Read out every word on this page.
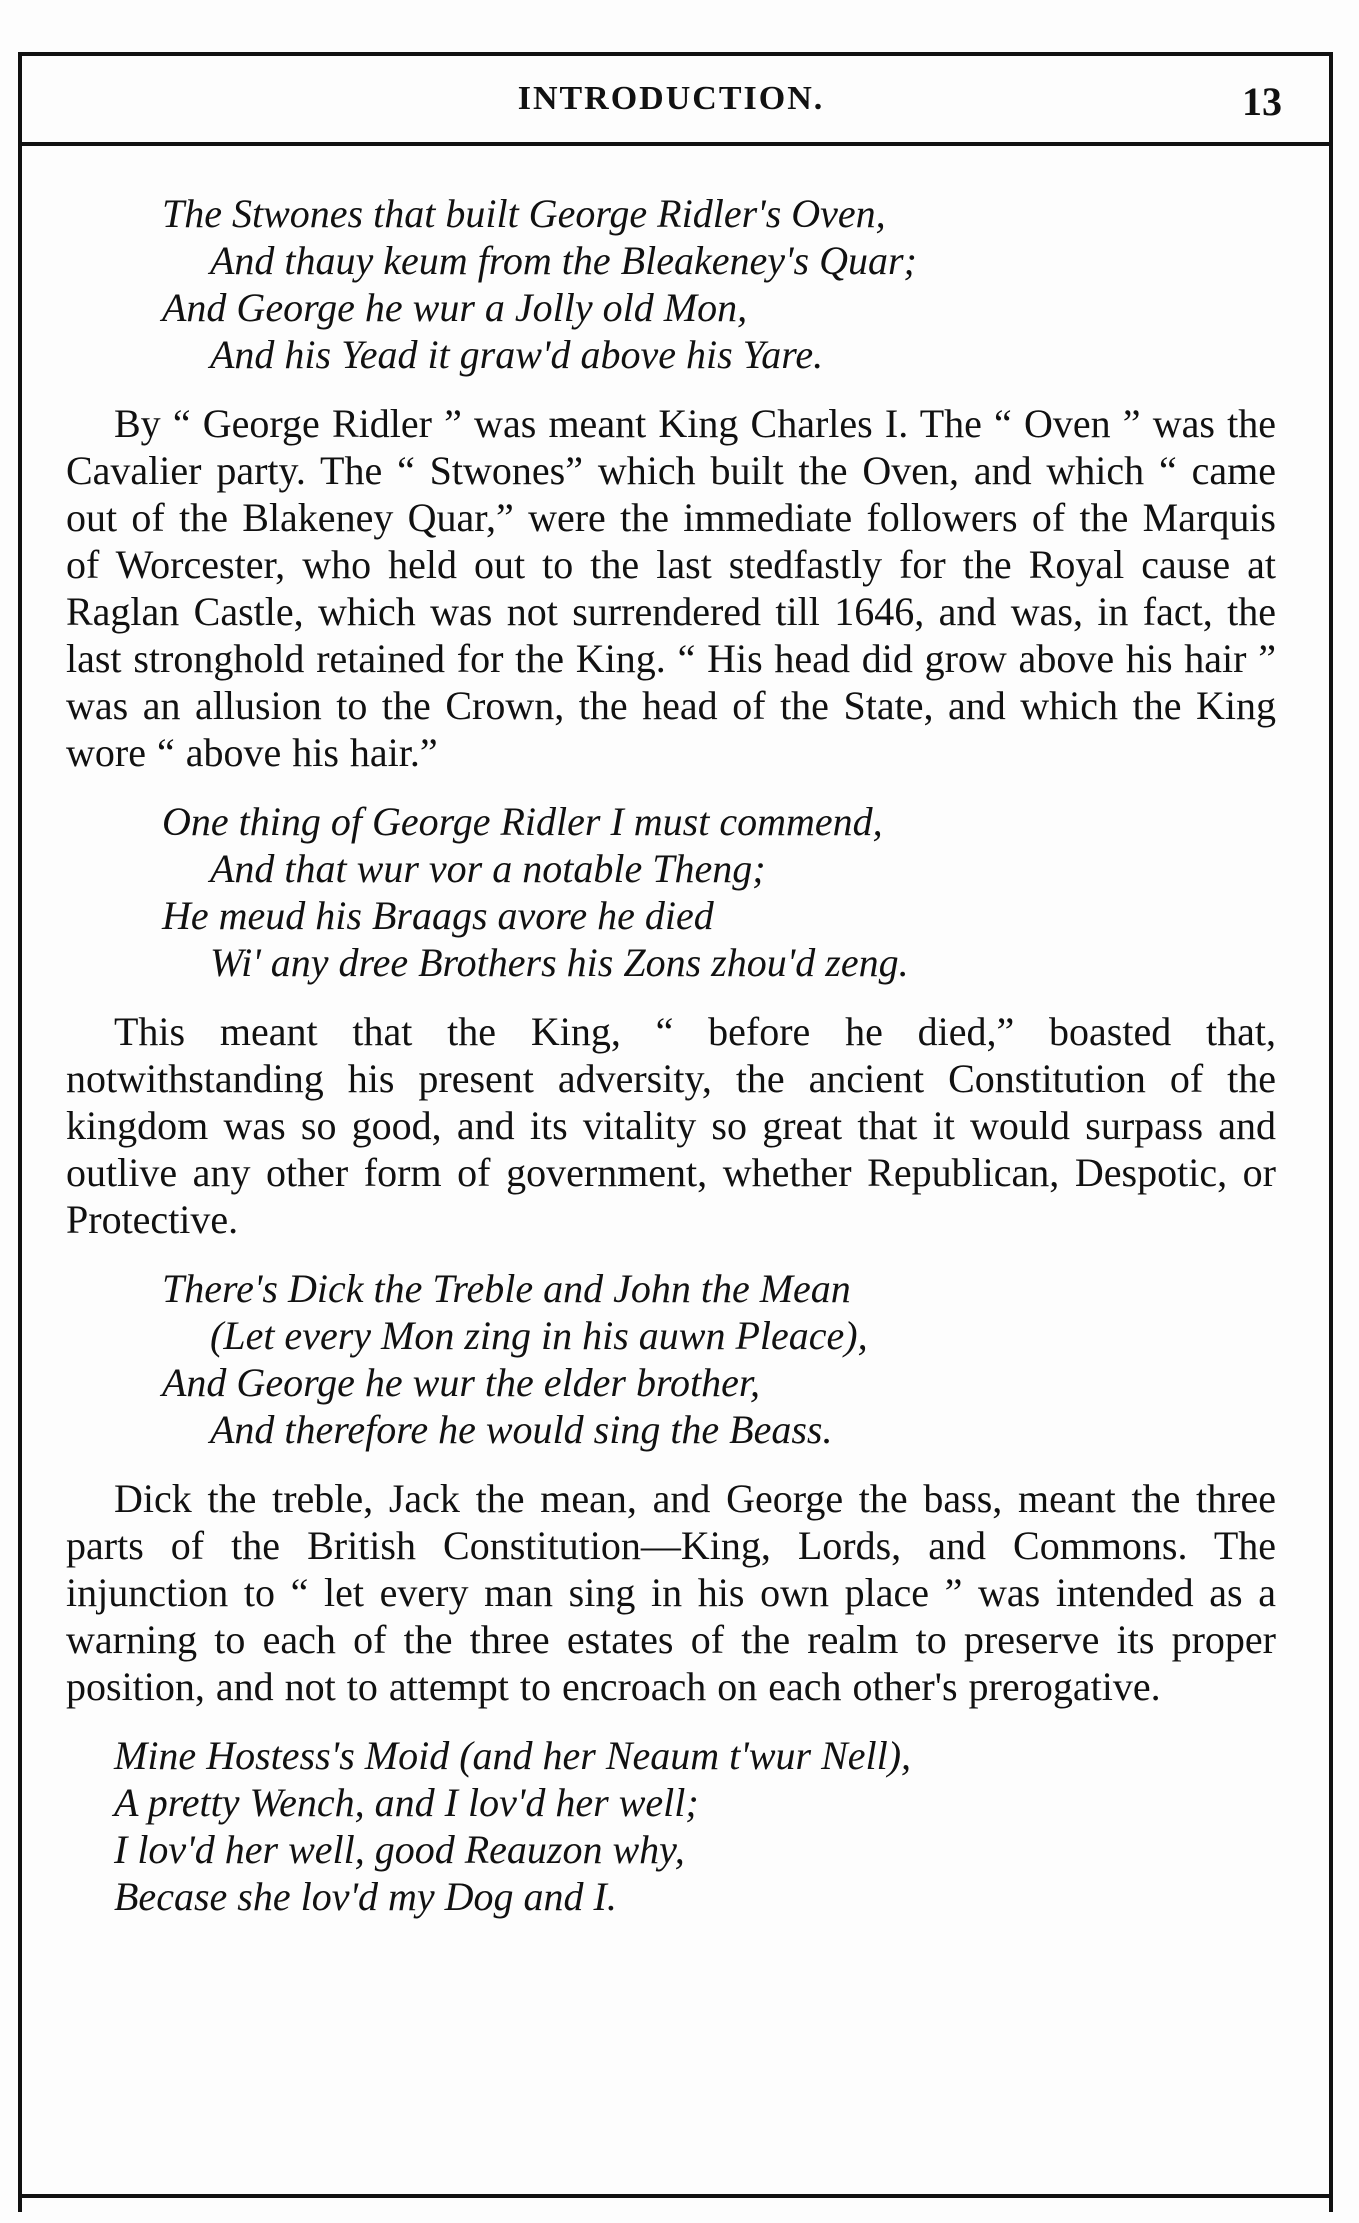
INTRODUCTION.	13
The Stwones that built George Ridler's Oven,
And thauy keum from the Bleakeney's Quar;
And George he wur a Jolly old Mon,
And his Yead it graw'd above his Yare.

By “ George Ridler ” was meant King Charles I. The “ Oven ” was the Cavalier party. The “ Stwones” which built the Oven, and which “ came out of the Blakeney Quar,” were the immediate followers of the Marquis of Worcester, who held out to the last stedfastly for the Royal cause at Raglan Castle, which was not surrendered till 1646, and was, in fact, the last stronghold retained for the King. “ His head did grow above his hair ” was an allusion to the Crown, the head of the State, and which the King wore “ above his hair.”

One thing of George Ridler I must commend,
And that wur vor a notable Theng;
He meud his Braags avore he died
Wi' any dree Brothers his Zons zhou'd zeng.

This meant that the King, “ before he died,” boasted that, notwithstanding his present adversity, the ancient Constitution of the kingdom was so good, and its vitality so great that it would surpass and outlive any other form of government, whether Republican, Despotic, or Protective.

There's Dick the Treble and John the Mean
(Let every Mon zing in his auwn Pleace),
And George he wur the elder brother,
And therefore he would sing the Beass.

Dick the treble, Jack the mean, and George the bass, meant the three parts of the British Constitution—King, Lords, and Commons. The injunction to “ let every man sing in his own place ” was intended as a warning to each of the three estates of the realm to preserve its proper position, and not to attempt to encroach on each other's prerogative.

Mine Hostess's Moid (and her Neaum t'wur Nell),
A pretty Wench, and I lov'd her well;
I lov'd her well, good Reauzon why,
Becase she lov'd my Dog and I.
